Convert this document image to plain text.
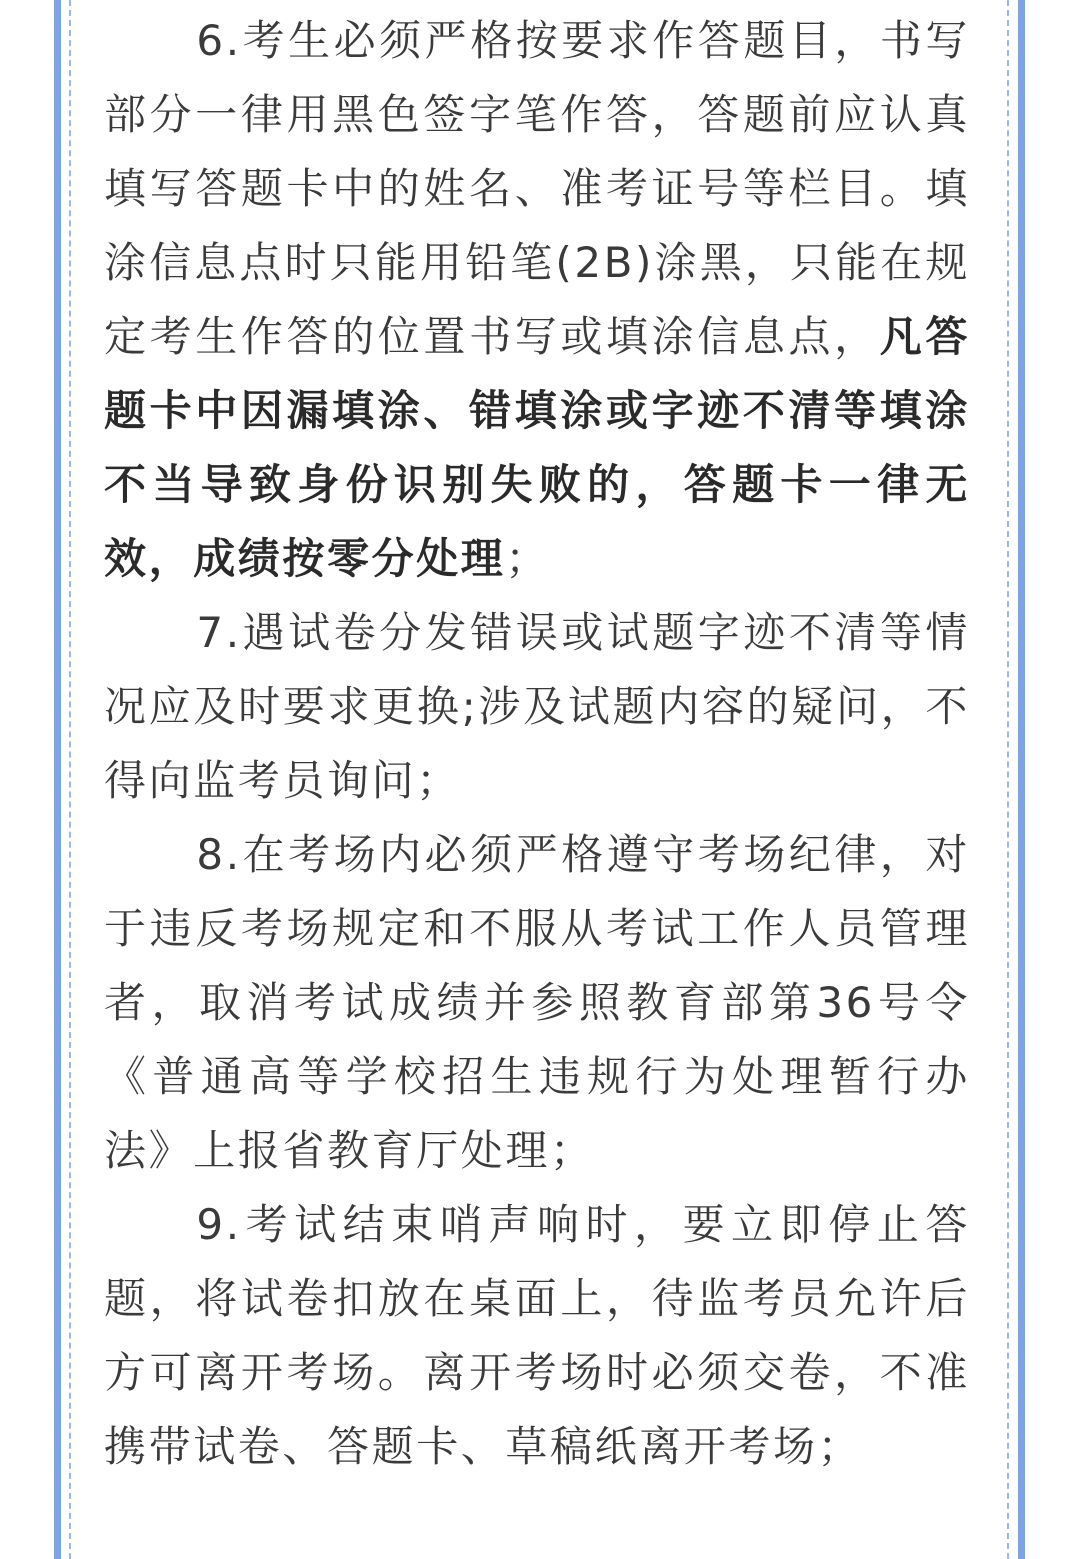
6.考生必须严格按要求作答题目，书写部分一律用黑色签字笔作答，答题前应认真填写答题卡中的姓名、准考证号等栏目。填涂信息点时只能用铅笔(2B)涂黑，只能在规定考生作答的位置书写或填涂信息点，凡答题卡中因漏填涂、错填涂或字迹不清等填涂不当导致身份识别失败的，答题卡一律无效，成绩按零分处理；

7.遇试卷分发错误或试题字迹不清等情况应及时要求更换;涉及试题内容的疑问，不得向监考员询问；

8.在考场内必须严格遵守考场纪律，对于违反考场规定和不服从考试工作人员管理者，取消考试成绩并参照教育部第36号令《普通高等学校招生违规行为处理暂行办法》上报省教育厅处理；

9.考试结束哨声响时，要立即停止答题，将试卷扣放在桌面上，待监考员允许后方可离开考场。离开考场时必须交卷，不准携带试卷、答题卡、草稿纸离开考场；
